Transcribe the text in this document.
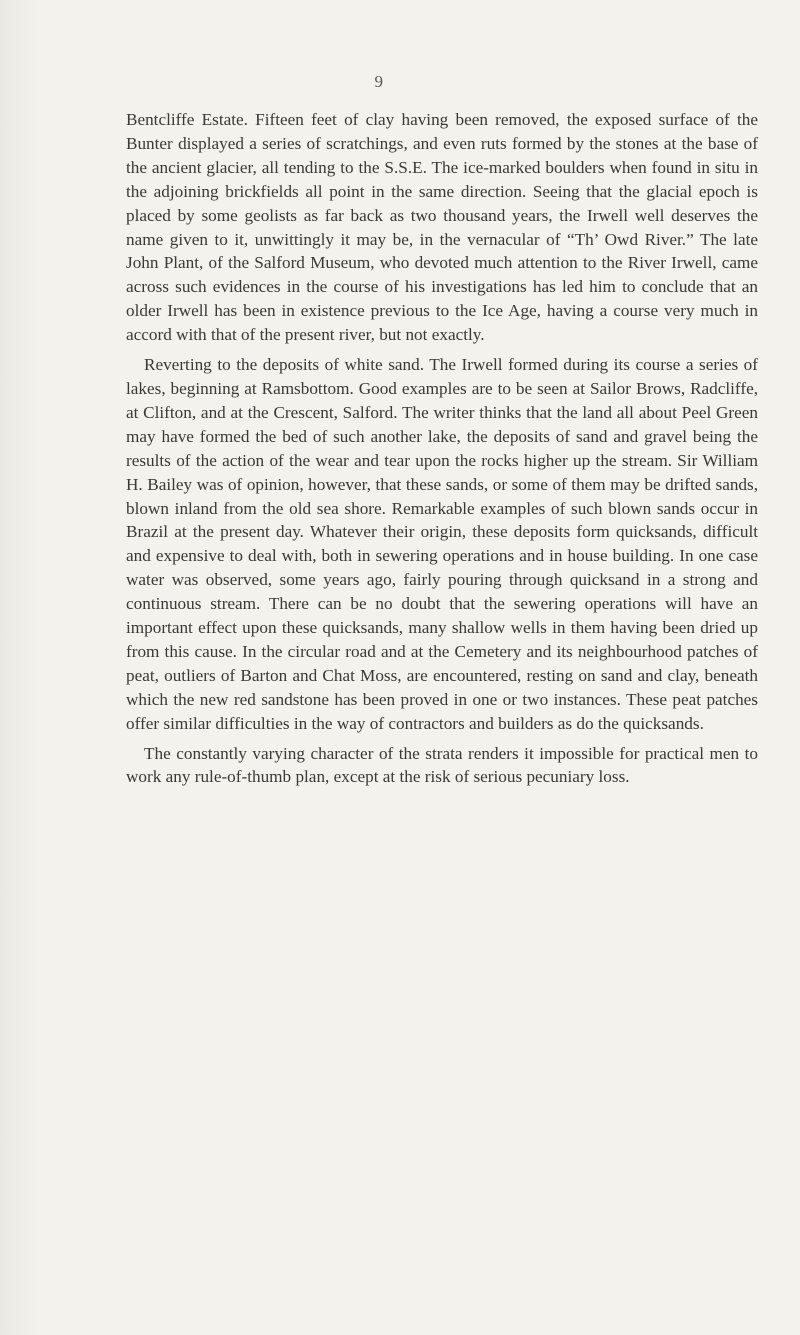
9

Bentcliffe Estate. Fifteen feet of clay having been removed, the exposed surface of the Bunter displayed a series of scratchings, and even ruts formed by the stones at the base of the ancient glacier, all tending to the S.S.E. The ice-marked boulders when found in situ in the adjoining brickfields all point in the same direction. Seeing that the glacial epoch is placed by some geolists as far back as two thousand years, the Irwell well deserves the name given to it, unwittingly it may be, in the vernacular of “Th’ Owd River.” The late John Plant, of the Salford Museum, who devoted much attention to the River Irwell, came across such evidences in the course of his investigations has led him to conclude that an older Irwell has been in existence previous to the Ice Age, having a course very much in accord with that of the present river, but not exactly.

Reverting to the deposits of white sand. The Irwell formed during its course a series of lakes, beginning at Ramsbottom. Good examples are to be seen at Sailor Brows, Radcliffe, at Clifton, and at the Crescent, Salford. The writer thinks that the land all about Peel Green may have formed the bed of such another lake, the deposits of sand and gravel being the results of the action of the wear and tear upon the rocks higher up the stream. Sir William H. Bailey was of opinion, however, that these sands, or some of them may be drifted sands, blown inland from the old sea shore. Remarkable examples of such blown sands occur in Brazil at the present day. Whatever their origin, these deposits form quicksands, difficult and expensive to deal with, both in sewering operations and in house building. In one case water was observed, some years ago, fairly pouring through quicksand in a strong and continuous stream. There can be no doubt that the sewering operations will have an important effect upon these quicksands, many shallow wells in them having been dried up from this cause. In the circular road and at the Cemetery and its neighbourhood patches of peat, outliers of Barton and Chat Moss, are encountered, resting on sand and clay, beneath which the new red sandstone has been proved in one or two instances. These peat patches offer similar difficulties in the way of contractors and builders as do the quicksands.

The constantly varying character of the strata renders it impossible for practical men to work any rule-of-thumb plan, except at the risk of serious pecuniary loss.
